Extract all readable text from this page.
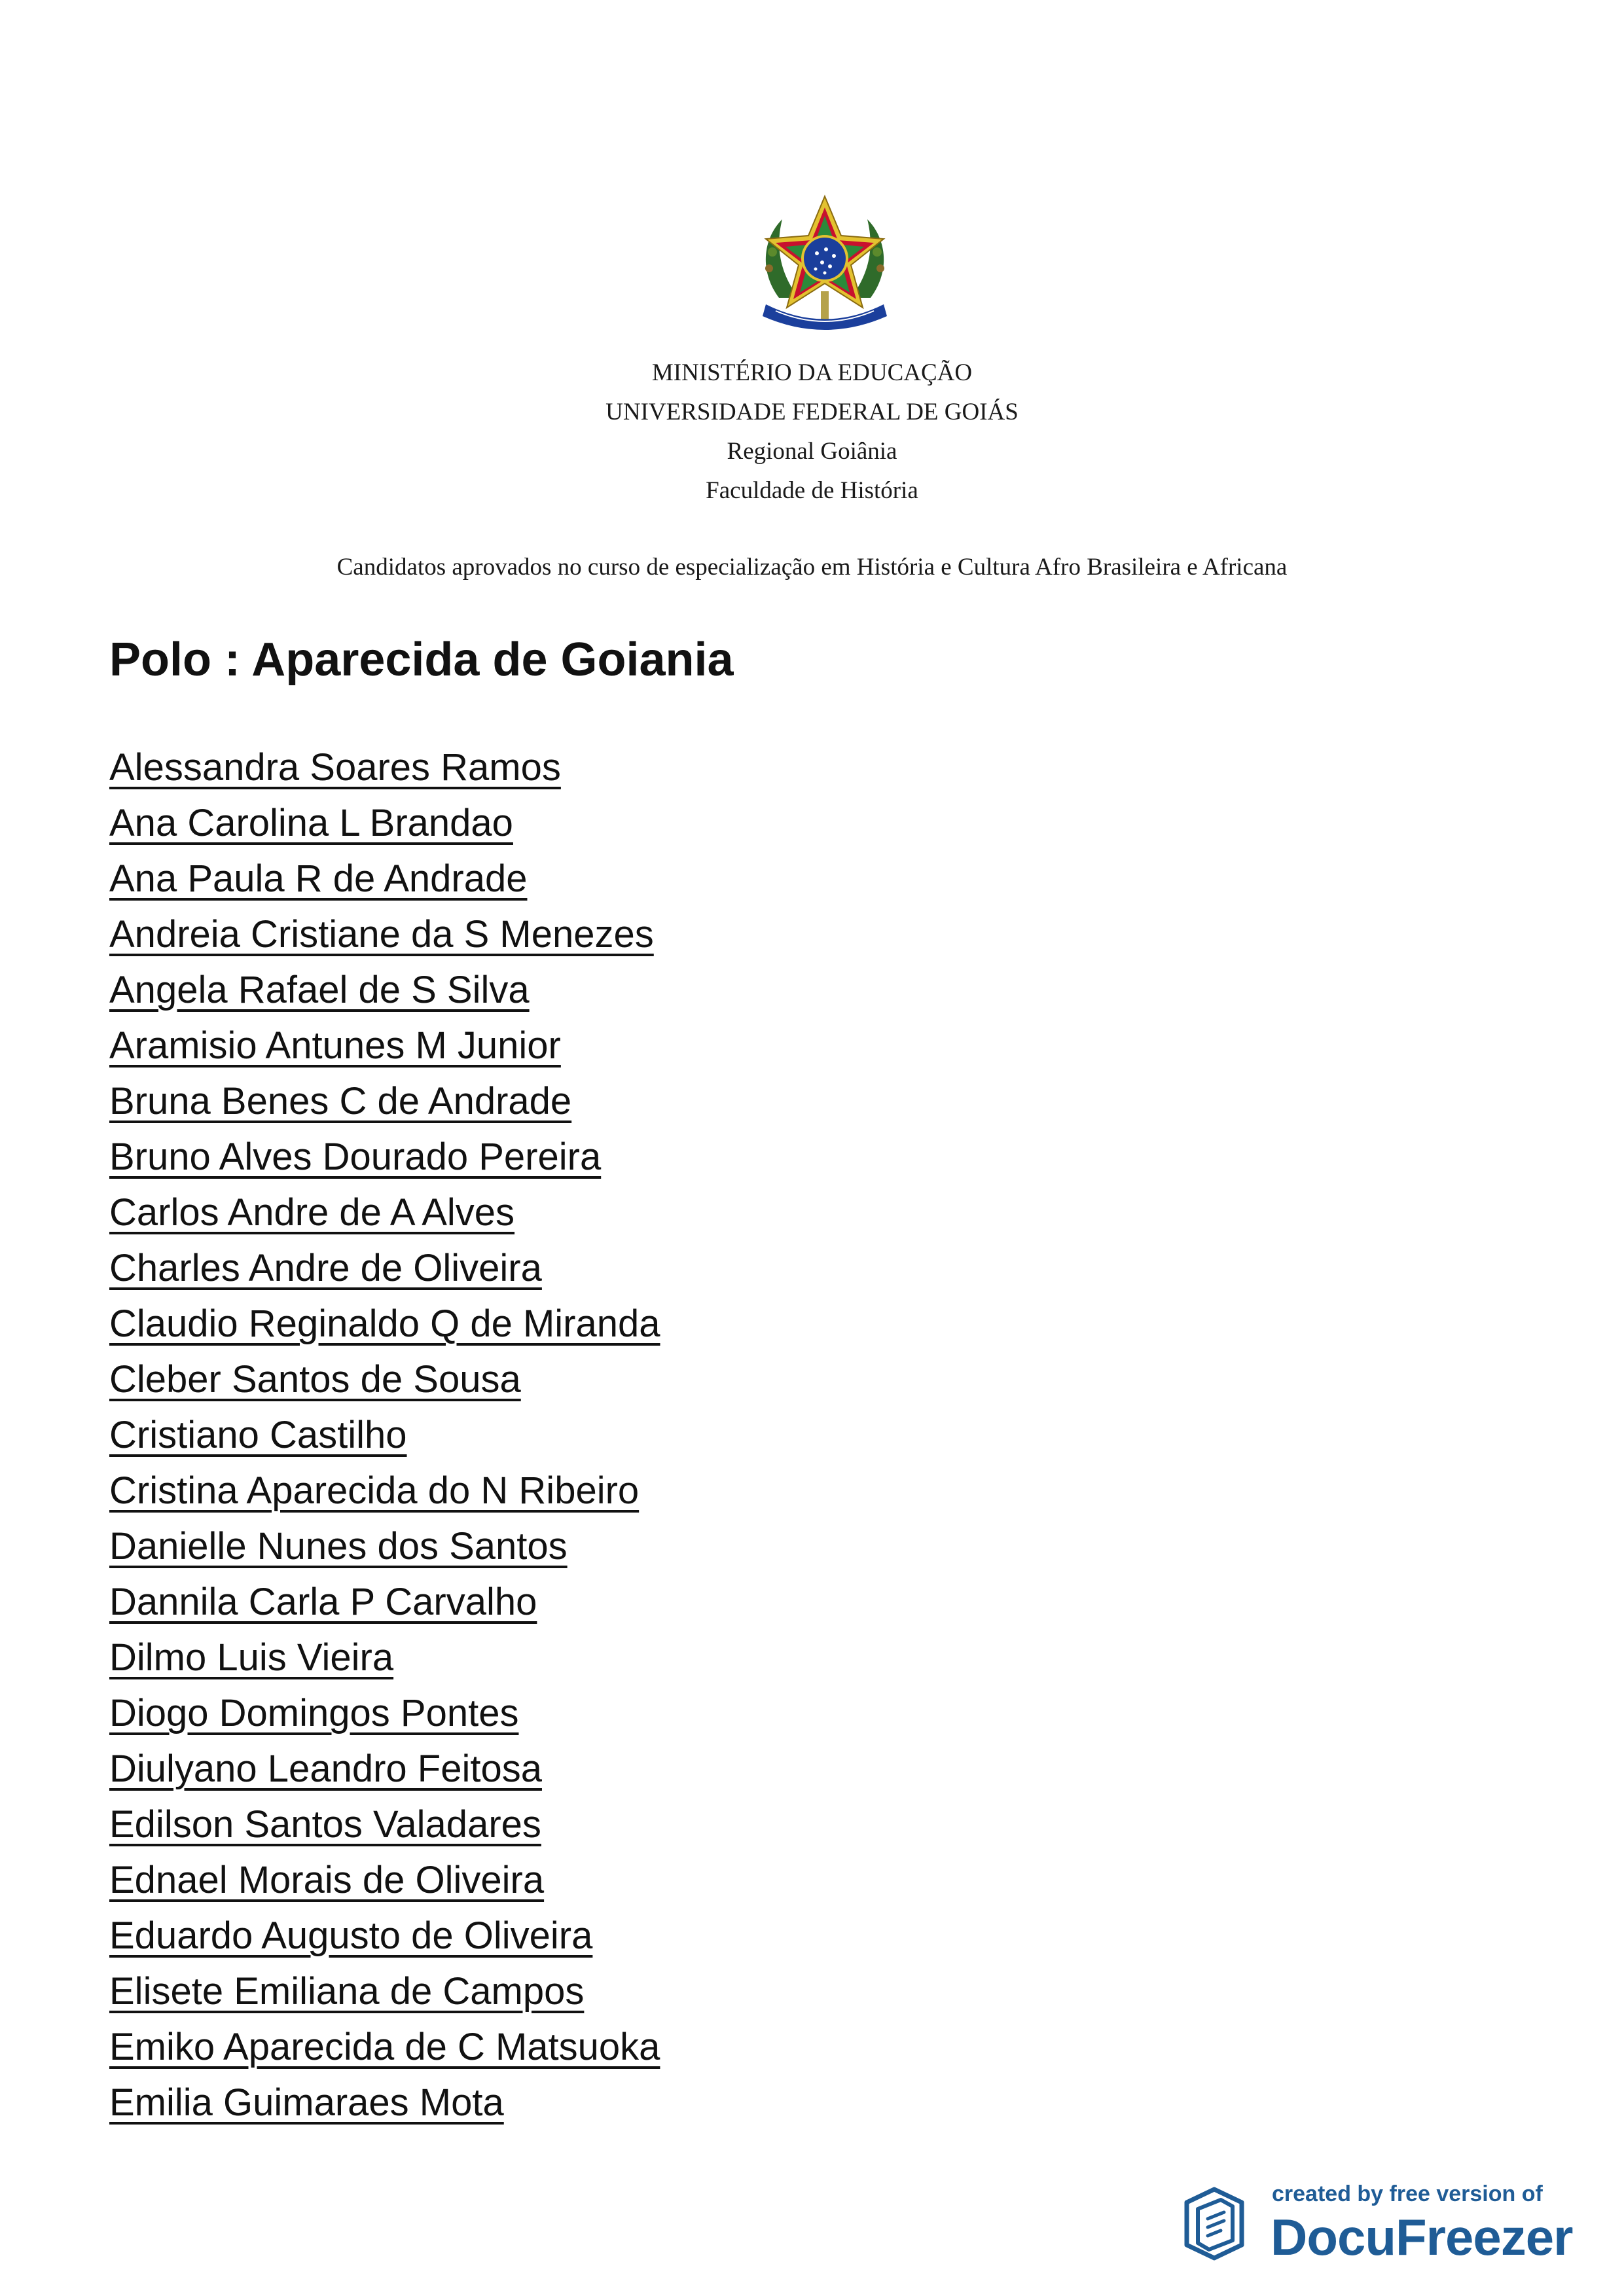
MINISTÉRIO DA EDUCAÇÃO
UNIVERSIDADE FEDERAL DE GOIÁS
Regional Goiânia
Faculdade de História
Candidatos aprovados no curso de especialização em História e Cultura Afro Brasileira e Africana
Polo : Aparecida de Goiania
Alessandra Soares Ramos
Ana Carolina L Brandao
Ana Paula R de Andrade
Andreia Cristiane da S Menezes
Angela Rafael de S Silva
Aramisio Antunes M Junior
Bruna Benes C de Andrade
Bruno Alves Dourado Pereira
Carlos Andre de A Alves
Charles Andre de Oliveira
Claudio Reginaldo Q de Miranda
Cleber Santos de Sousa
Cristiano Castilho
Cristina Aparecida do N Ribeiro
Danielle Nunes dos Santos
Dannila Carla P Carvalho
Dilmo Luis Vieira
Diogo Domingos Pontes
Diulyano Leandro Feitosa
Edilson Santos Valadares
Ednael Morais de Oliveira
Eduardo Augusto de Oliveira
Elisete Emiliana de Campos
Emiko Aparecida de C Matsuoka
Emilia Guimaraes Mota
created by free version of
DocuFreezer
